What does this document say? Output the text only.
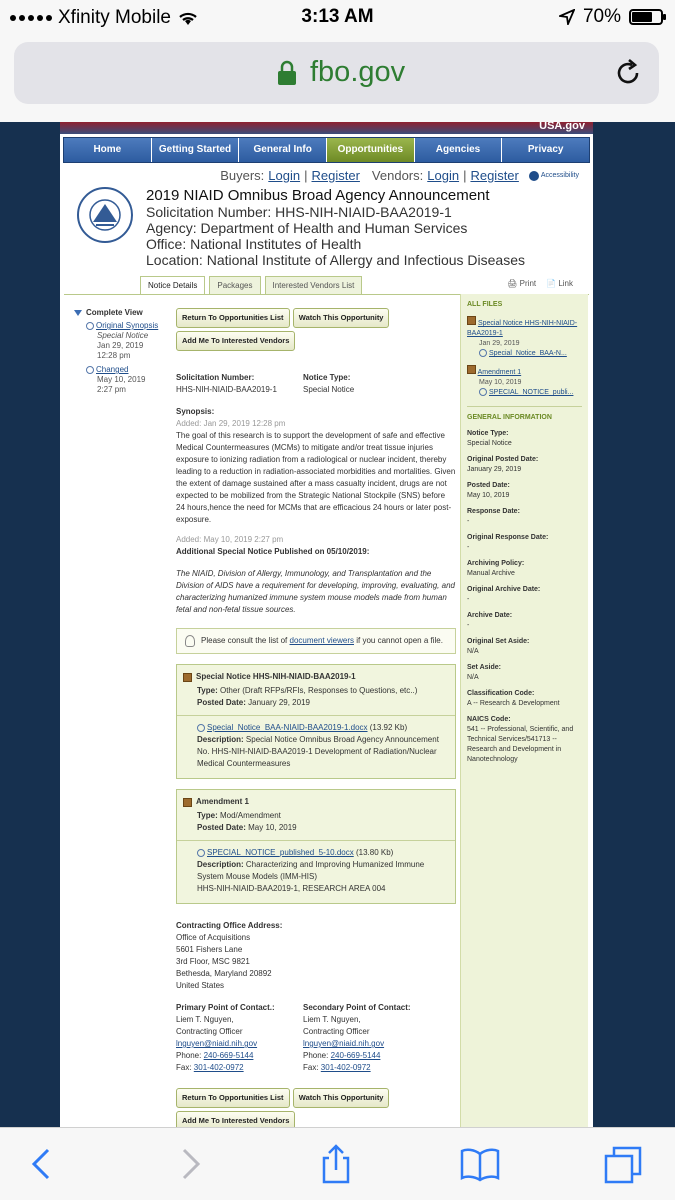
Xfinity Mobile	3:13 AM	70%
fbo.gov
USA.gov
Home	Getting Started	General Info	Opportunities	Agencies	Privacy
Buyers: Login | Register Vendors: Login | Register	Accessibility
2019 NIAID Omnibus Broad Agency Announcement
Solicitation Number: HHS-NIH-NIAID-BAA2019-1
Agency: Department of Health and Human Services
Office: National Institutes of Health
Location: National Institute of Allergy and Infectious Diseases
Notice Details	Packages	Interested Vendors List	🖨 Print 📄 Link
Complete View
Original Synopsis
Special Notice
Jan 29, 2019
12:28 pm
Changed
May 10, 2019
2:27 pm
Return To Opportunities List Watch This Opportunity
Add Me To Interested Vendors
Solicitation Number:
HHS-NIH-NIAID-BAA2019-1
Notice Type:
Special Notice
Synopsis:
Added: Jan 29, 2019 12:28 pm
The goal of this research is to support the development of safe and effective Medical Countermeasures (MCMs) to mitigate and/or treat tissue injuries exposure to ionizing radiation from a radiological or nuclear incident, thereby leading to a reduction in radiation-associated morbidities and mortalities. Given the extent of damage sustained after a mass casualty incident, drugs are not expected to be mobilized from the Strategic National Stockpile (SNS) before 24 hours,hence the need for MCMs that are efficacious 24 hours or later post-exposure.
Added: May 10, 2019 2:27 pm
Additional Special Notice Published on 05/10/2019:
The NIAID, Division of Allergy, Immunology, and Transplantation and the Division of AIDS have a requirement for developing, improving, evaluating, and characterizing humanized immune system mouse models made from human fetal and non-fetal tissue sources.
Please consult the list of document viewers if you cannot open a file.
Special Notice HHS-NIH-NIAID-BAA2019-1
Type: Other (Draft RFPs/RFIs, Responses to Questions, etc..)
Posted Date: January 29, 2019
Special_Notice_BAA-NIAID-BAA2019-1.docx (13.92 Kb)
Description: Special Notice Omnibus Broad Agency Announcement No. HHS-NIH-NIAID-BAA2019-1 Development of Radiation/Nuclear Medical Countermeasures
Amendment 1
Type: Mod/Amendment
Posted Date: May 10, 2019
SPECIAL_NOTICE_published_5-10.docx (13.80 Kb)
Description: Characterizing and Improving Humanized Immune System Mouse Models (IMM-HIS)
HHS-NIH-NIAID-BAA2019-1, RESEARCH AREA 004
Contracting Office Address:
Office of Acquisitions
5601 Fishers Lane
3rd Floor, MSC 9821
Bethesda, Maryland 20892
United States
Primary Point of Contact.:
Liem T. Nguyen,
Contracting Officer
lnguyen@niaid.nih.gov
Phone: 240-669-5144
Fax: 301-402-0972
Secondary Point of Contact:
Liem T. Nguyen,
Contracting Officer
lnguyen@niaid.nih.gov
Phone: 240-669-5144
Fax: 301-402-0972
Return To Opportunities List Watch This Opportunity
Add Me To Interested Vendors
ALL FILES
Special Notice HHS-NIH-NIAID-BAA2019-1
Jan 29, 2019
Special_Notice_BAA-N...
Amendment 1
May 10, 2019
SPECIAL_NOTICE_publi...
GENERAL INFORMATION
Notice Type:
Special Notice
Original Posted Date:
January 29, 2019
Posted Date:
May 10, 2019
Response Date:
-
Original Response Date:
-
Archiving Policy:
Manual Archive
Original Archive Date:
-
Archive Date:
-
Original Set Aside:
N/A
Set Aside:
N/A
Classification Code:
A -- Research & Development
NAICS Code:
541 -- Professional, Scientific, and Technical Services/541713 -- Research and Development in Nanotechnology
